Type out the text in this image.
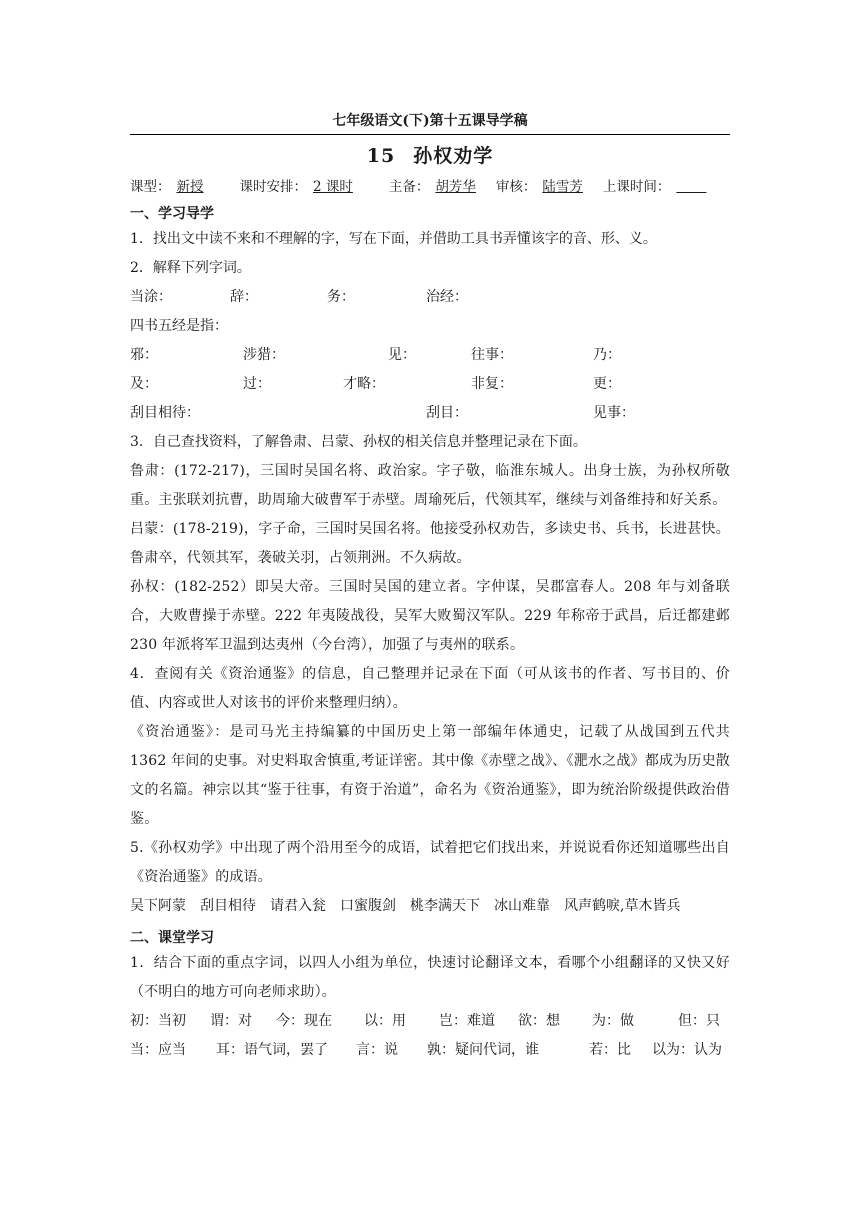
七年级语文(下)第十五课导学稿
15 孙权劝学
课型： 新授	课时安排： 2 课时	主备： 胡芳华 审核： 陆雪芳 上课时间：
一、学习导学

1．找出文中读不来和不理解的字，写在下面，并借助工具书弄懂该字的音、形、义。

2．解释下列字词。

当涂：	辞：	务：	治经：
四书五经是指：
邪：	涉猎：	见：	往事：	乃：
及：	过：	才略：	非复：	更：
刮目相待：	刮目：	见事：

3．自己查找资料，了解鲁肃、吕蒙、孙权的相关信息并整理记录在下面。

鲁肃：(172-217)，三国时吴国名将、政治家。字子敬，临淮东城人。出身士族，为孙权所敬重。主张联刘抗曹，助周瑜大破曹军于赤壁。周瑜死后，代领其军，继续与刘备维持和好关系。

吕蒙：(178-219)，字子命，三国时吴国名将。他接受孙权劝告，多读史书、兵书，长进甚快。鲁肃卒，代领其军，袭破关羽，占领荆洲。不久病故。

孙权：(182-252）即吴大帝。三国时吴国的建立者。字仲谋，吴郡富春人。208 年与刘备联合，大败曹操于赤壁。222 年夷陵战役，吴军大败蜀汉军队。229 年称帝于武昌，后迁都建邺 230 年派将军卫温到达夷州（今台湾），加强了与夷州的联系。

4．查阅有关《资治通鉴》的信息，自己整理并记录在下面（可从该书的作者、写书目的、价值、内容或世人对该书的评价来整理归纳）。

《资治通鉴》：是司马光主持编纂的中国历史上第一部编年体通史，记载了从战国到五代共 1362 年间的史事。对史料取舍慎重,考证详密。其中像《赤壁之战》、《淝水之战》都成为历史散文的名篇。神宗以其“鉴于往事，有资于治道”，命名为《资治通鉴》，即为统治阶级提供政治借鉴。

5.《孙权劝学》中出现了两个沿用至今的成语，试着把它们找出来，并说说看你还知道哪些出自《资治通鉴》的成语。

吴下阿蒙 刮目相待 请君入瓮 口蜜腹剑 桃李满天下 冰山难靠 风声鹤唳,草木皆兵
二、课堂学习

1．结合下面的重点字词，以四人小组为单位，快速讨论翻译文本，看哪个小组翻译的又快又好（不明白的地方可向老师求助）。

初：当初 谓：对 今：现在 以：用 岂：难道 欲：想 为：做	但：只
当：应当 耳：语气词，罢了 言：说 孰：疑问代词，谁	若：比 以为：认为
